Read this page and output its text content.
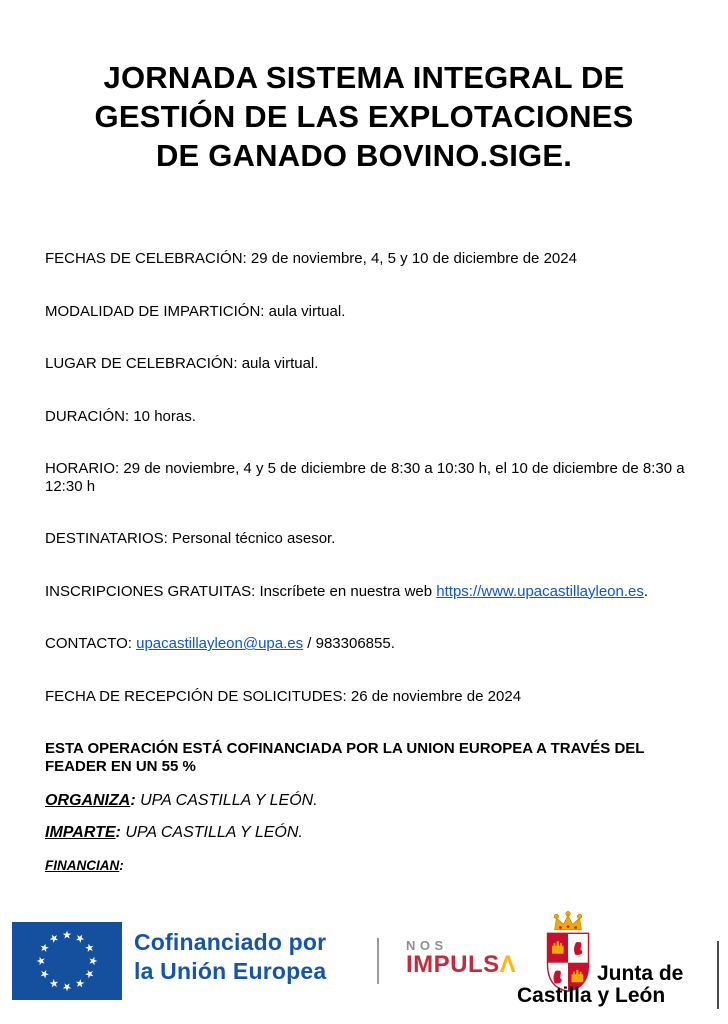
JORNADA SISTEMA INTEGRAL DE
GESTIÓN DE LAS EXPLOTACIONES
DE GANADO BOVINO.SIGE.

FECHAS DE CELEBRACIÓN: 29 de noviembre, 4, 5 y 10 de diciembre de 2024

MODALIDAD DE IMPARTICIÓN: aula virtual.

LUGAR DE CELEBRACIÓN: aula virtual.

DURACIÓN: 10 horas.

HORARIO: 29 de noviembre, 4 y 5 de diciembre de 8:30 a 10:30 h, el 10 de diciembre de 8:30 a 12:30 h

DESTINATARIOS: Personal técnico asesor.

INSCRIPCIONES GRATUITAS: Inscríbete en nuestra web https://www.upacastillayleon.es.

CONTACTO: upacastillayleon@upa.es / 983306855.

FECHA DE RECEPCIÓN DE SOLICITUDES: 26 de noviembre de 2024

ESTA OPERACIÓN ESTÁ COFINANCIADA POR LA UNION EUROPEA A TRAVÉS DEL FEADER EN UN 55 %

ORGANIZA: UPA CASTILLA Y LEÓN.

IMPARTE: UPA CASTILLA Y LEÓN.

FINANCIAN:

Cofinanciado por
la Unión Europea
NOS
IMPULSΛ	Junta de
Castilla y León
